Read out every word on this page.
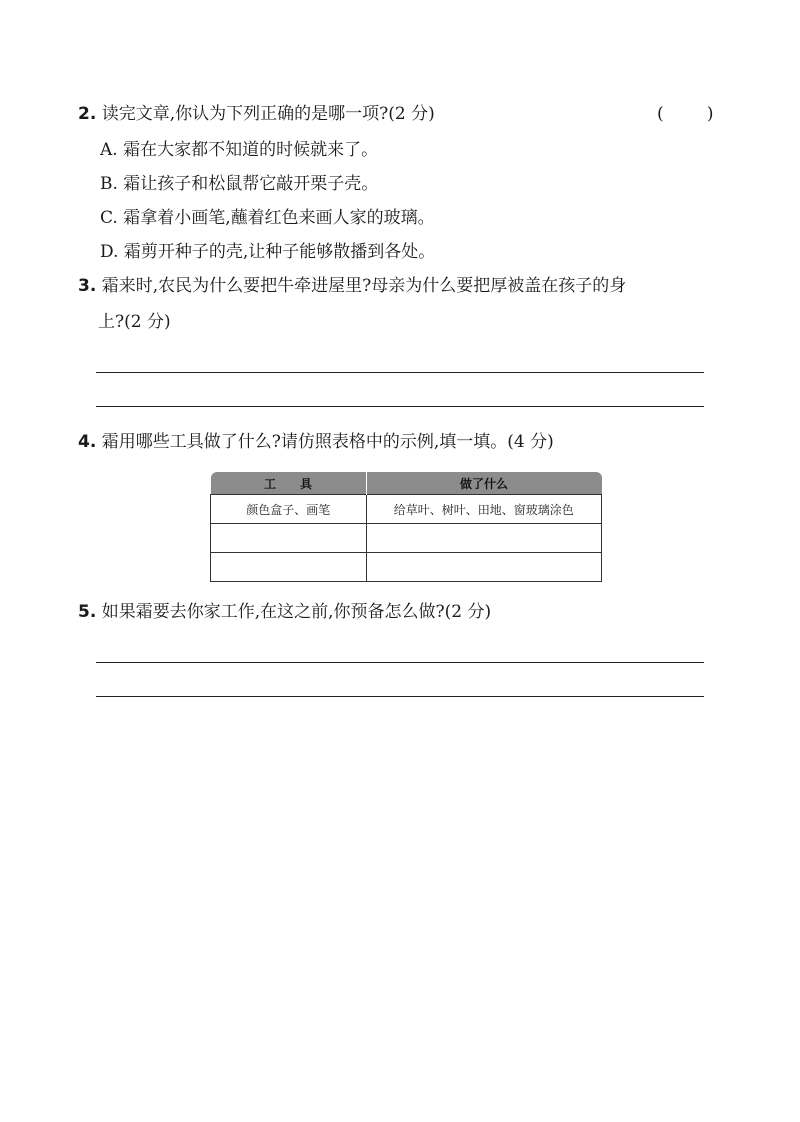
2. 读完文章,你认为下列正确的是哪一项?(2 分)	(        )
A. 霜在大家都不知道的时候就来了。
B. 霜让孩子和松鼠帮它敲开栗子壳。
C. 霜拿着小画笔,蘸着红色来画人家的玻璃。
D. 霜剪开种子的壳,让种子能够散播到各处。
3. 霜来时,农民为什么要把牛牵进屋里?母亲为什么要把厚被盖在孩子的身
上?(2 分)
4. 霜用哪些工具做了什么?请仿照表格中的示例,填一填。(4 分)
工　　具	做了什么
颜色盒子、画笔	给草叶、树叶、田地、窗玻璃涂色

5. 如果霜要去你家工作,在这之前,你预备怎么做?(2 分)
